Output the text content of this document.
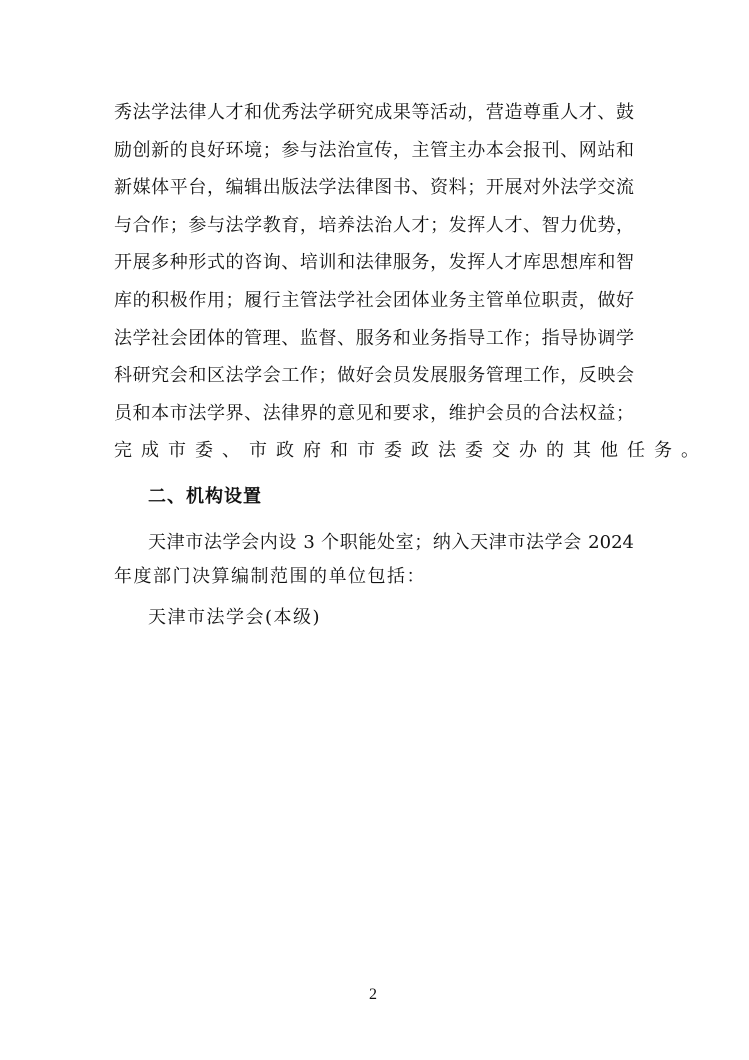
秀法学法律人才和优秀法学研究成果等活动，营造尊重人才、鼓
励创新的良好环境；参与法治宣传，主管主办本会报刊、网站和
新媒体平台，编辑出版法学法律图书、资料；开展对外法学交流
与合作；参与法学教育，培养法治人才；发挥人才、智力优势，
开展多种形式的咨询、培训和法律服务，发挥人才库思想库和智
库的积极作用；履行主管法学社会团体业务主管单位职责，做好
法学社会团体的管理、监督、服务和业务指导工作；指导协调学
科研究会和区法学会工作；做好会员发展服务管理工作，反映会
员和本市法学界、法律界的意见和要求，维护会员的合法权益；
完成市委、市政府和市委政法委交办的其他任务。
二、机构设置
天津市法学会内设 3 个职能处室；纳入天津市法学会 2024
年度部门决算编制范围的单位包括：
天津市法学会(本级)
2
